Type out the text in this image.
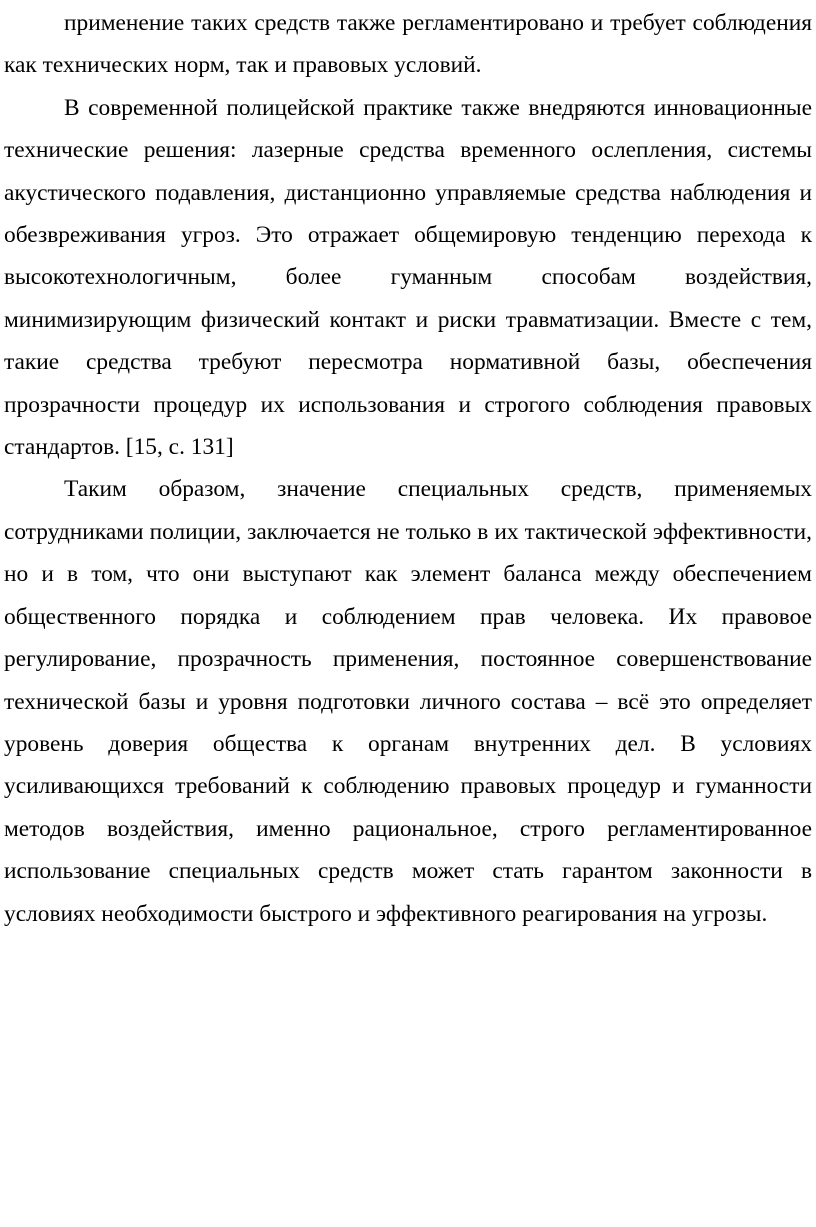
применение таких средств также регламентировано и требует соблюдения как технических норм, так и правовых условий.

В современной полицейской практике также внедряются инновационные технические решения: лазерные средства временного ослепления, системы акустического подавления, дистанционно управляемые средства наблюдения и обезвреживания угроз. Это отражает общемировую тенденцию перехода к высокотехнологичным, более гуманным способам воздействия, минимизирующим физический контакт и риски травматизации. Вместе с тем, такие средства требуют пересмотра нормативной базы, обеспечения прозрачности процедур их использования и строгого соблюдения правовых стандартов. [15, с. 131]

Таким образом, значение специальных средств, применяемых сотрудниками полиции, заключается не только в их тактической эффективности, но и в том, что они выступают как элемент баланса между обеспечением общественного порядка и соблюдением прав человека. Их правовое регулирование, прозрачность применения, постоянное совершенствование технической базы и уровня подготовки личного состава – всё это определяет уровень доверия общества к органам внутренних дел. В условиях усиливающихся требований к соблюдению правовых процедур и гуманности методов воздействия, именно рациональное, строго регламентированное использование специальных средств может стать гарантом законности в условиях необходимости быстрого и эффективного реагирования на угрозы.
